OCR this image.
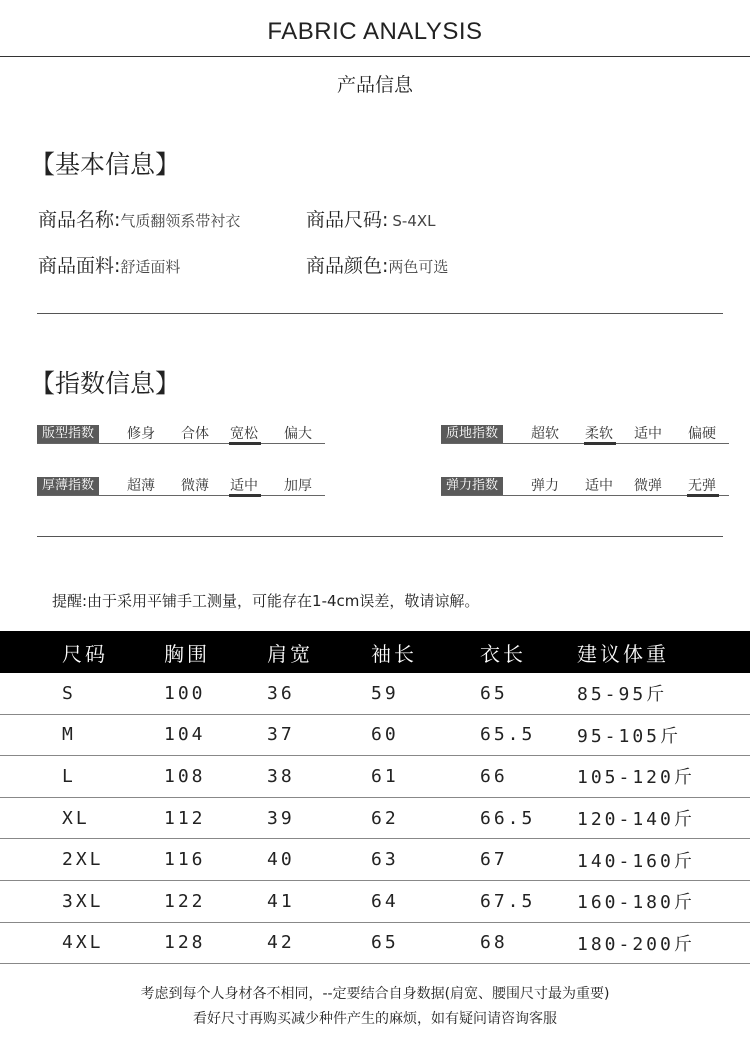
FABRIC ANALYSIS
产品信息
【基本信息】
商品名称:气质翻领系带衬衣	商品尺码: S-4XL
商品面料:舒适面料	商品颜色:两色可选
【指数信息】
版型指数	修身 合体 宽松 偏大	质地指数	超软 柔软 适中 偏硬
厚薄指数	超薄 微薄 适中 加厚	弹力指数	弹力 适中 微弹 无弹
提醒:由于采用平铺手工测量，可能存在1-4cm误差，敬请谅解。
尺码	胸围	肩宽	袖长	衣长	建议体重
S	100	36	59	65	85-95斤
M	104	37	60	65.5	95-105斤
L	108	38	61	66	105-120斤
XL	112	39	62	66.5	120-140斤
2XL	116	40	63	67	140-160斤
3XL	122	41	64	67.5	160-180斤
4XL	128	42	65	68	180-200斤
考虑到每个人身材各不相同，--定要结合自身数据(肩宽、腰围尺寸最为重要)
看好尺寸再购买减少种件产生的麻烦，如有疑问请咨询客服
